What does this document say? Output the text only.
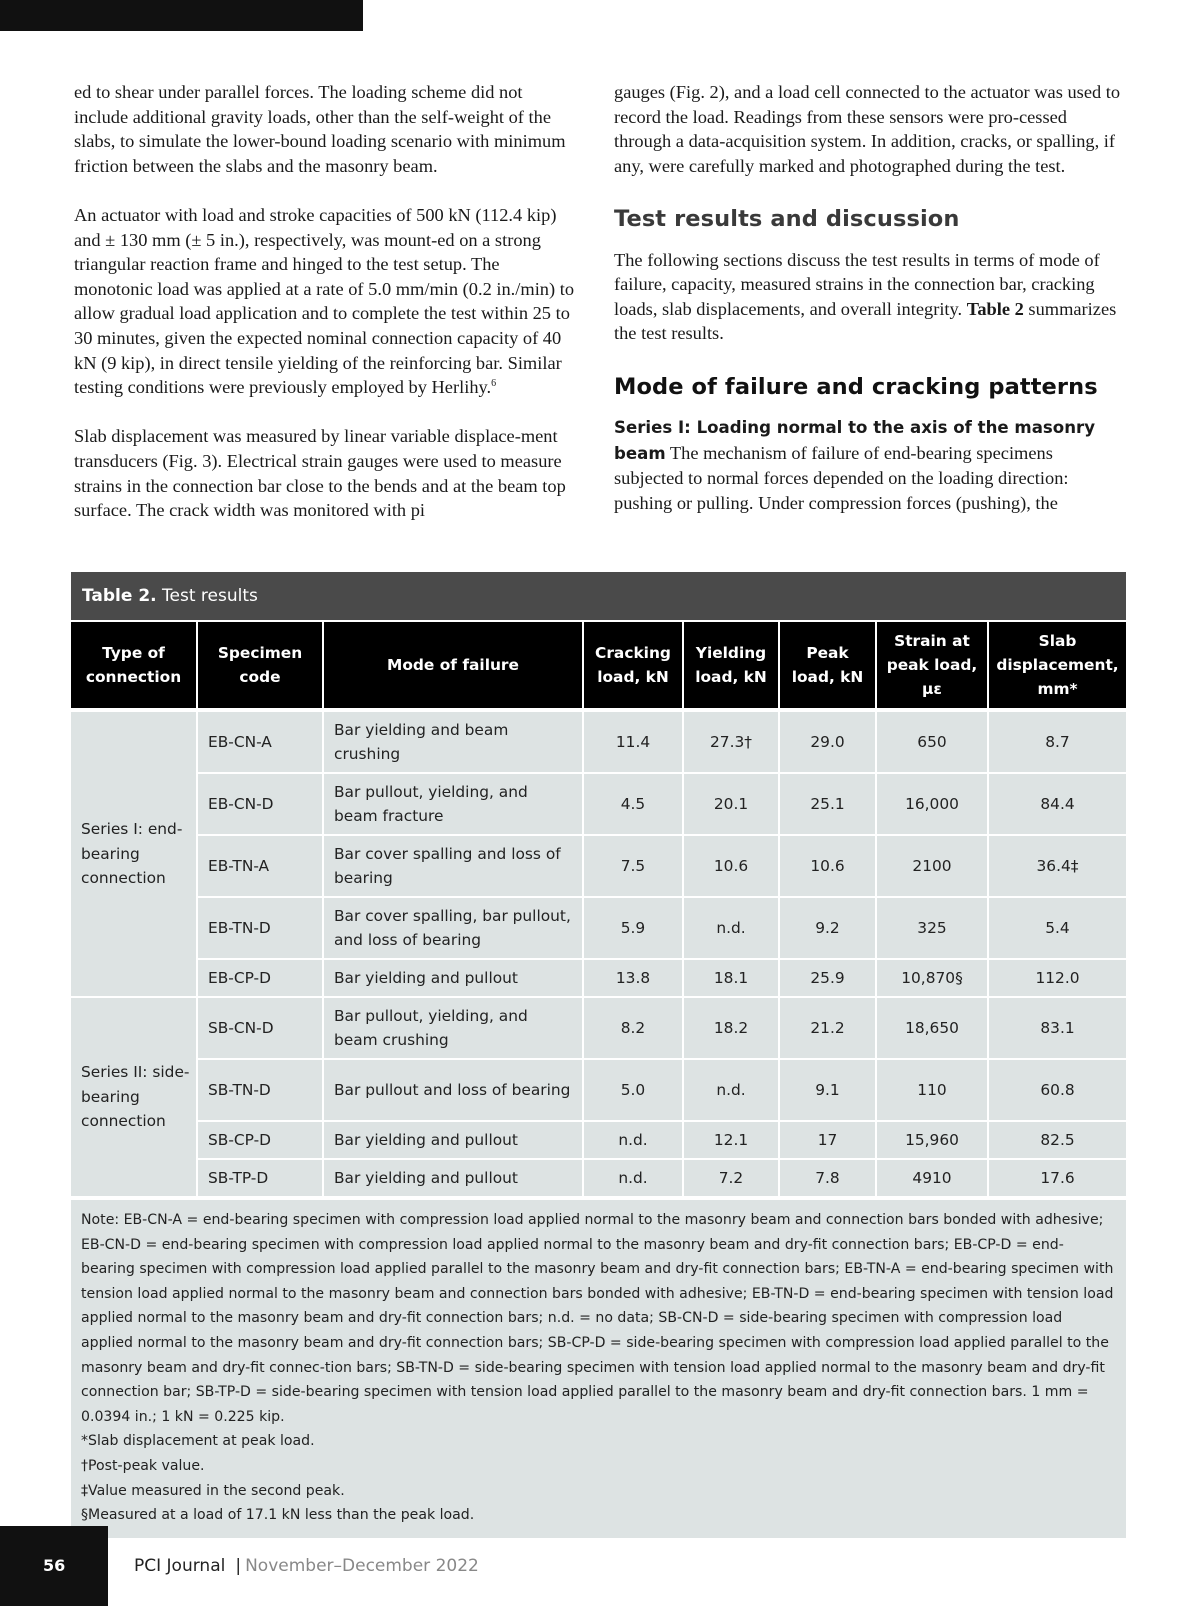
ed to shear under parallel forces. The loading scheme did not include additional gravity loads, other than the self-weight of the slabs, to simulate the lower-bound loading scenario with minimum friction between the slabs and the masonry beam.

An actuator with load and stroke capacities of 500 kN (112.4 kip) and ± 130 mm (± 5 in.), respectively, was mount-ed on a strong triangular reaction frame and hinged to the test setup. The monotonic load was applied at a rate of 5.0 mm/min (0.2 in./min) to allow gradual load application and to complete the test within 25 to 30 minutes, given the expected nominal connection capacity of 40 kN (9 kip), in direct tensile yielding of the reinforcing bar. Similar testing conditions were previously employed by Herlihy.$^6$

Slab displacement was measured by linear variable displace-ment transducers (Fig. 3). Electrical strain gauges were used to measure strains in the connection bar close to the bends and at the beam top surface. The crack width was monitored with pi

gauges (Fig. 2), and a load cell connected to the actuator was used to record the load. Readings from these sensors were pro-cessed through a data-acquisition system. In addition, cracks, or spalling, if any, were carefully marked and photographed during the test.

Test results and discussion

The following sections discuss the test results in terms of mode of failure, capacity, measured strains in the connection bar, cracking loads, slab displacements, and overall integrity. Table 2 summarizes the test results.

Mode of failure and cracking patterns

Series I: Loading normal to the axis of the masonry beam The mechanism of failure of end-bearing specimens subjected to normal forces depended on the loading direction: pushing or pulling. Under compression forces (pushing), the

Table 2. Test results
Type of connection	Specimen code	Mode of failure	Cracking load, kN	Yielding load, kN	Peak load, kN	Strain at peak load, με	Slab displacement, mm*
Series I: end-bearing connection	EB-CN-A	Bar yielding and beam crushing	11.4	27.3†	29.0	650	8.7
	EB-CN-D	Bar pullout, yielding, and beam fracture	4.5	20.1	25.1	16,000	84.4
	EB-TN-A	Bar cover spalling and loss of bearing	7.5	10.6	10.6	2100	36.4‡
	EB-TN-D	Bar cover spalling, bar pullout, and loss of bearing	5.9	n.d.	9.2	325	5.4
	EB-CP-D	Bar yielding and pullout	13.8	18.1	25.9	10,870§	112.0
Series II: side-bearing connection	SB-CN-D	Bar pullout, yielding, and beam crushing	8.2	18.2	21.2	18,650	83.1
	SB-TN-D	Bar pullout and loss of bearing	5.0	n.d.	9.1	110	60.8
	SB-CP-D	Bar yielding and pullout	n.d.	12.1	17	15,960	82.5
	SB-TP-D	Bar yielding and pullout	n.d.	7.2	7.8	4910	17.6

Note: EB-CN-A = end-bearing specimen with compression load applied normal to the masonry beam and connection bars bonded with adhesive; EB-CN-D = end-bearing specimen with compression load applied normal to the masonry beam and dry-fit connection bars; EB-CP-D = end-bearing specimen with compression load applied parallel to the masonry beam and dry-fit connection bars; EB-TN-A = end-bearing specimen with tension load applied normal to the masonry beam and connection bars bonded with adhesive; EB-TN-D = end-bearing specimen with tension load applied normal to the masonry beam and dry-fit connection bars; n.d. = no data; SB-CN-D = side-bearing specimen with compression load applied normal to the masonry beam and dry-fit connection bars; SB-CP-D = side-bearing specimen with compression load applied parallel to the masonry beam and dry-fit connec-tion bars; SB-TN-D = side-bearing specimen with tension load applied normal to the masonry beam and dry-fit connection bar; SB-TP-D = side-bearing specimen with tension load applied parallel to the masonry beam and dry-fit connection bars. 1 mm = 0.0394 in.; 1 kN = 0.225 kip.

*Slab displacement at peak load.

†Post-peak value.

‡Value measured in the second peak.

§Measured at a load of 17.1 kN less than the peak load.

56	PCI Journal | November–December 2022
